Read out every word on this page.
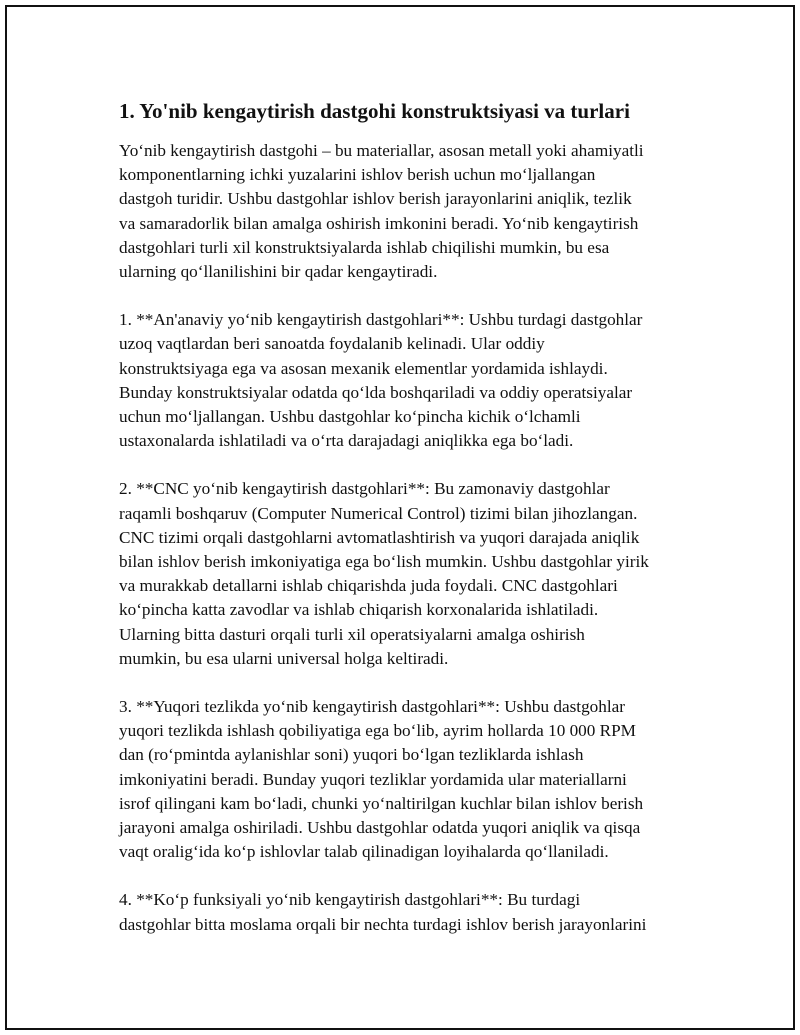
1. Yo'nib kengaytirish dastgohi konstruktsiyasi va turlari

Yo‘nib kengaytirish dastgohi – bu materiallar, asosan metall yoki ahamiyatli
komponentlarning ichki yuzalarini ishlov berish uchun mo‘ljallangan
dastgoh turidir. Ushbu dastgohlar ishlov berish jarayonlarini aniqlik, tezlik
va samaradorlik bilan amalga oshirish imkonini beradi. Yo‘nib kengaytirish
dastgohlari turli xil konstruktsiyalarda ishlab chiqilishi mumkin, bu esa
ularning qo‘llanilishini bir qadar kengaytiradi.

1. **An'anaviy yo‘nib kengaytirish dastgohlari**: Ushbu turdagi dastgohlar
uzoq vaqtlardan beri sanoatda foydalanib kelinadi. Ular oddiy
konstruktsiyaga ega va asosan mexanik elementlar yordamida ishlaydi.
Bunday konstruktsiyalar odatda qo‘lda boshqariladi va oddiy operatsiyalar
uchun mo‘ljallangan. Ushbu dastgohlar ko‘pincha kichik o‘lchamli
ustaxonalarda ishlatiladi va o‘rta darajadagi aniqlikka ega bo‘ladi.

2. **CNC yo‘nib kengaytirish dastgohlari**: Bu zamonaviy dastgohlar
raqamli boshqaruv (Computer Numerical Control) tizimi bilan jihozlangan.
CNC tizimi orqali dastgohlarni avtomatlashtirish va yuqori darajada aniqlik
bilan ishlov berish imkoniyatiga ega bo‘lish mumkin. Ushbu dastgohlar yirik
va murakkab detallarni ishlab chiqarishda juda foydali. CNC dastgohlari
ko‘pincha katta zavodlar va ishlab chiqarish korxonalarida ishlatiladi.
Ularning bitta dasturi orqali turli xil operatsiyalarni amalga oshirish
mumkin, bu esa ularni universal holga keltiradi.

3. **Yuqori tezlikda yo‘nib kengaytirish dastgohlari**: Ushbu dastgohlar
yuqori tezlikda ishlash qobiliyatiga ega bo‘lib, ayrim hollarda 10 000 RPM
dan (ro‘pmintda aylanishlar soni) yuqori bo‘lgan tezliklarda ishlash
imkoniyatini beradi. Bunday yuqori tezliklar yordamida ular materiallarni
isrof qilingani kam bo‘ladi, chunki yo‘naltirilgan kuchlar bilan ishlov berish
jarayoni amalga oshiriladi. Ushbu dastgohlar odatda yuqori aniqlik va qisqa
vaqt oralig‘ida ko‘p ishlovlar talab qilinadigan loyihalarda qo‘llaniladi.

4. **Ko‘p funksiyali yo‘nib kengaytirish dastgohlari**: Bu turdagi
dastgohlar bitta moslama orqali bir nechta turdagi ishlov berish jarayonlarini
